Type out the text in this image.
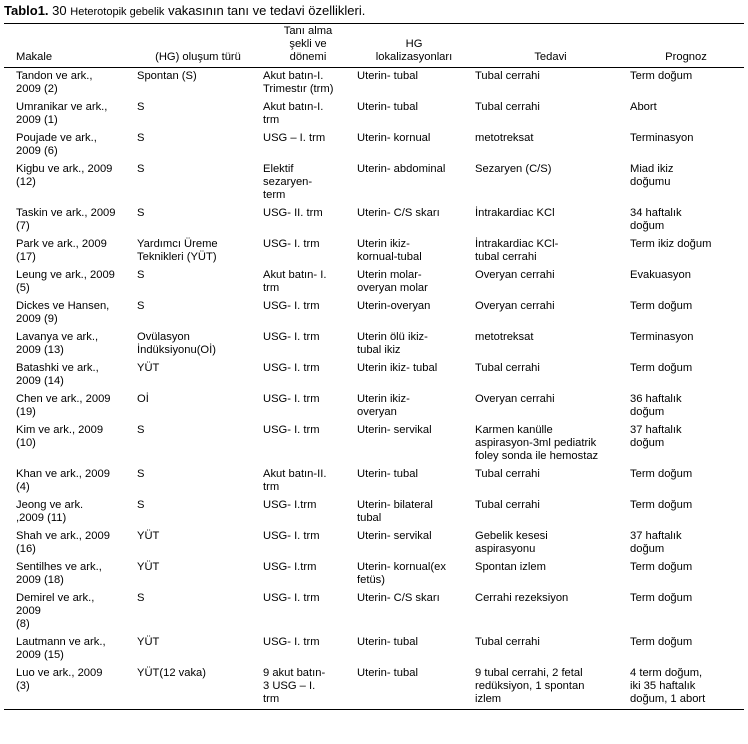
Tablo1. 30 Heterotopik gebelik vakasının tanı ve tedavi özellikleri.
Makale	(HG) oluşum türü	Tanı alma
şekli ve
dönemi	HG
lokalizasyonları	Tedavi	Prognoz

Tandon ve ark.,
2009 (2)	Spontan (S)	Akut batın-I.
Trimestır (trm)	Uterin- tubal	Tubal cerrahi	Term doğum

Umranikar ve ark.,
2009 (1)	S	Akut batın-I.
trm	Uterin- tubal	Tubal cerrahi	Abort

Poujade ve ark.,
2009 (6)	S	USG – I. trm	Uterin- kornual	metotreksat	Terminasyon

Kigbu ve ark., 2009
(12)	S	Elektif
sezaryen-
term	Uterin- abdominal	Sezaryen (C/S)	Miad ikiz
doğumu

Taskin ve ark., 2009
(7)	S	USG- II. trm	Uterin- C/S skarı	İntrakardiac KCl	34 haftalık
doğum

Park ve ark., 2009
(17)	Yardımcı Üreme
Teknikleri (YÜT)	USG- I. trm	Uterin ikiz-
kornual-tubal	İntrakardiac KCl-
tubal cerrahi	Term ikiz doğum

Leung ve ark., 2009
(5)	S	Akut batın- I.
trm	Uterin molar-
overyan molar	Overyan cerrahi	Evakuasyon

Dickes ve Hansen,
2009 (9)	S	USG- I. trm	Uterin-overyan	Overyan cerrahi	Term doğum

Lavanya ve ark.,
2009 (13)	Ovülasyon
İndüksiyonu(Oİ)	USG- I. trm	Uterin ölü ikiz-
tubal ikiz	metotreksat	Terminasyon

Batashki ve ark.,
2009 (14)	YÜT	USG- I. trm	Uterin ikiz- tubal	Tubal cerrahi	Term doğum

Chen ve ark., 2009
(19)	Oİ	USG- I. trm	Uterin ikiz-
overyan	Overyan cerrahi	36 haftalık
doğum

Kim ve ark., 2009
(10)	S	USG- I. trm	Uterin- servikal	Karmen kanülle
aspirasyon-3ml pediatrik
foley sonda ile hemostaz	37 haftalık
doğum

Khan ve ark., 2009
(4)	S	Akut batın-II.
trm	Uterin- tubal	Tubal cerrahi	Term doğum

Jeong ve ark.
,2009 (11)	S	USG- I.trm	Uterin- bilateral
tubal	Tubal cerrahi	Term doğum

Shah ve ark., 2009
(16)	YÜT	USG- I. trm	Uterin- servikal	Gebelik kesesi
aspirasyonu	37 haftalık
doğum

Sentilhes ve ark.,
2009 (18)	YÜT	USG- I.trm	Uterin- kornual(ex
fetüs)	Spontan izlem	Term doğum

Demirel ve ark.,
2009
(8)	S	USG- I. trm	Uterin- C/S skarı	Cerrahi rezeksiyon	Term doğum

Lautmann ve ark.,
2009 (15)	YÜT	USG- I. trm	Uterin- tubal	Tubal cerrahi	Term doğum

Luo ve ark., 2009
(3)	YÜT(12 vaka)	9 akut batın-
3 USG – I.
trm	Uterin- tubal	9 tubal cerrahi, 2 fetal
redüksiyon, 1 spontan
izlem	4 term doğum,
iki 35 haftalık
doğum, 1 abort
